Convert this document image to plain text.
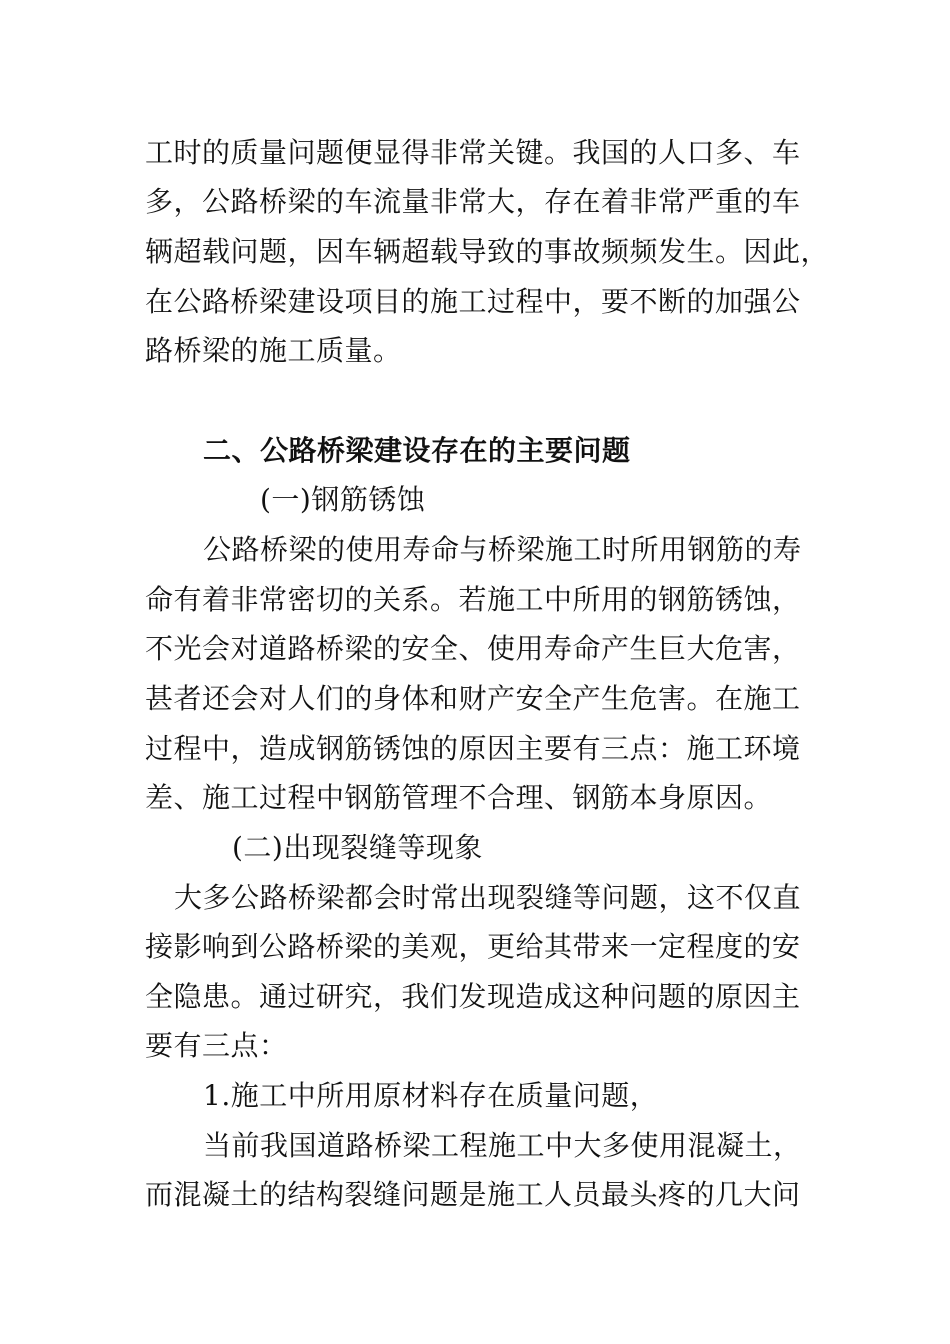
工时的质量问题便显得非常关键。我国的人口多、车
多，公路桥梁的车流量非常大，存在着非常严重的车
辆超载问题，因车辆超载导致的事故频频发生。因此，
在公路桥梁建设项目的施工过程中，要不断的加强公
路桥梁的施工质量。
二、公路桥梁建设存在的主要问题
(一)钢筋锈蚀
公路桥梁的使用寿命与桥梁施工时所用钢筋的寿
命有着非常密切的关系。若施工中所用的钢筋锈蚀，
不光会对道路桥梁的安全、使用寿命产生巨大危害，
甚者还会对人们的身体和财产安全产生危害。在施工
过程中，造成钢筋锈蚀的原因主要有三点：施工环境
差、施工过程中钢筋管理不合理、钢筋本身原因。
(二)出现裂缝等现象
大多公路桥梁都会时常出现裂缝等问题，这不仅直
接影响到公路桥梁的美观，更给其带来一定程度的安
全隐患。通过研究，我们发现造成这种问题的原因主
要有三点：
1.施工中所用原材料存在质量问题，
当前我国道路桥梁工程施工中大多使用混凝土，
而混凝土的结构裂缝问题是施工人员最头疼的几大问
